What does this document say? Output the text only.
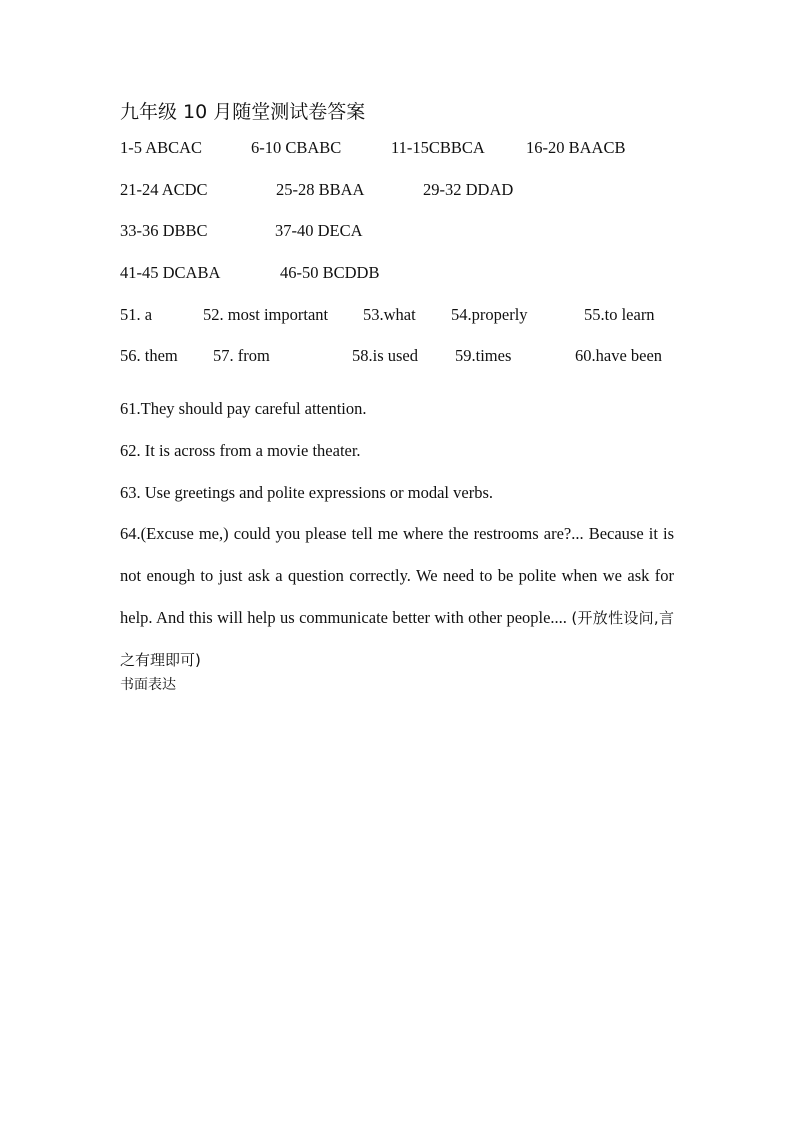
九年级 10 月随堂测试卷答案
1-5 ABCAC	6-10 CBABC	11-15CBBCA 16-20 BAACB
21-24 ACDC	25-28 BBAA	29-32 DDAD
33-36 DBBC	37-40 DECA
41-45 DCABA	46-50 BCDDB
51. a	52. most important 53.what 54.properly	55.to learn
56. them 57. from	58.is used 59.times	60.have been

61.They should pay careful attention.

62. It is across from a movie theater.

63. Use greetings and polite expressions or modal verbs.

64.(Excuse me,) could you please tell me where the restrooms are?... Because it is not enough to just ask a question correctly. We need to be polite when we ask for help. And this will help us communicate better with other people.... (开放性设问,言之有理即可)

书面表达
